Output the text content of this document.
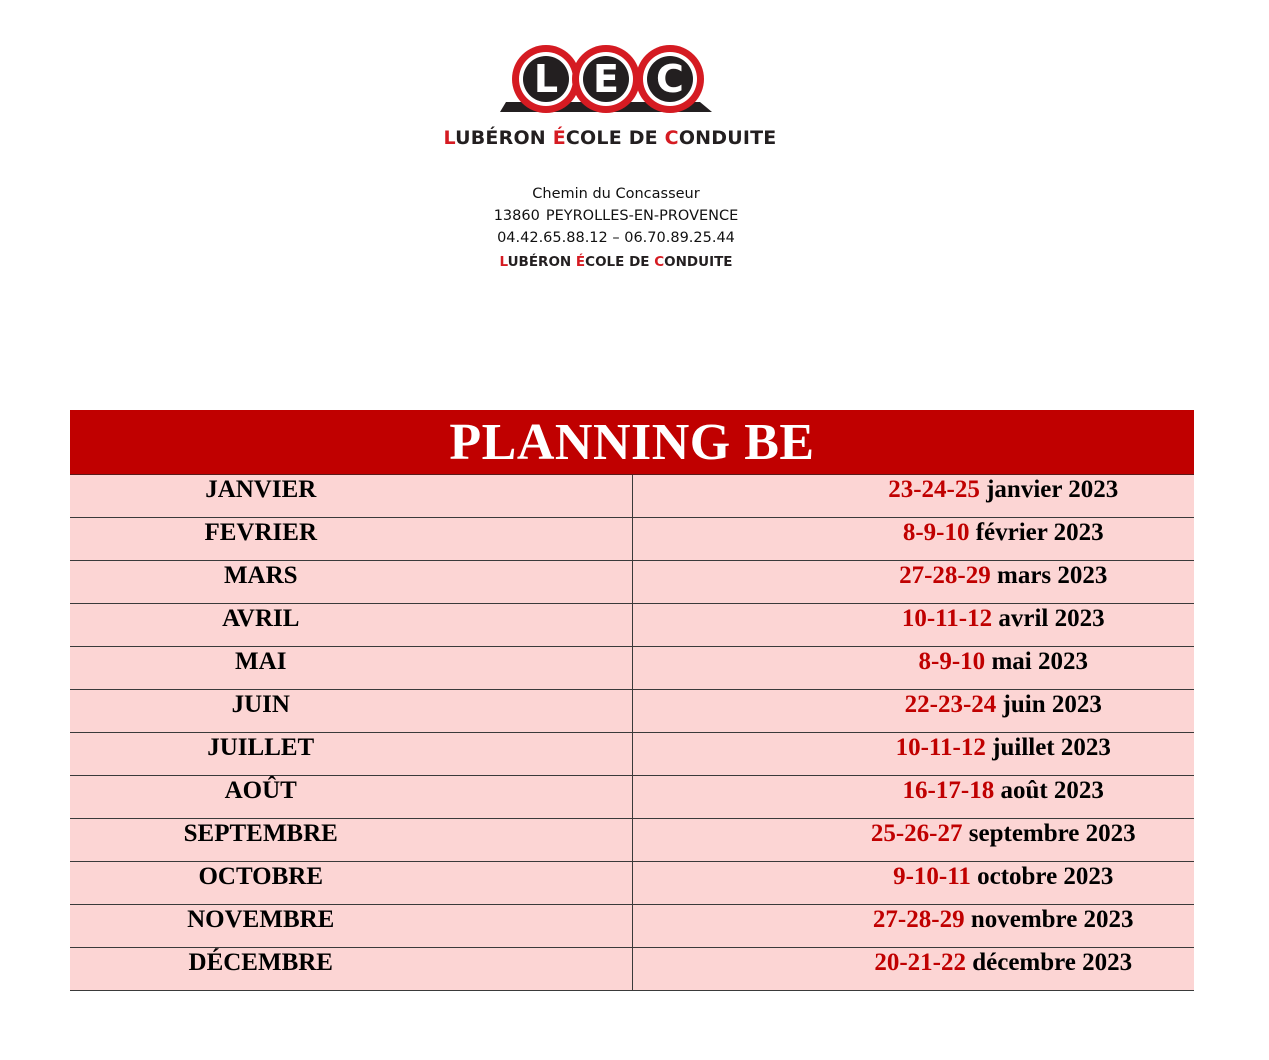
L E C
LUBÉRON ÉCOLE DE CONDUITE
Chemin du Concasseur
13860 PEYROLLES-EN-PROVENCE
04.42.65.88.12 – 06.70.89.25.44
LUBÉRON ÉCOLE DE CONDUITE
PLANNING BE	
JANVIER	23-24-25 janvier 2023
FEVRIER	8-9-10 février 2023
MARS	27-28-29 mars 2023
AVRIL	10-11-12 avril 2023
MAI	8-9-10 mai 2023
JUIN	22-23-24 juin 2023
JUILLET	10-11-12 juillet 2023
AOÛT	16-17-18 août 2023
SEPTEMBRE	25-26-27 septembre 2023
OCTOBRE	9-10-11 octobre 2023
NOVEMBRE	27-28-29 novembre 2023
DÉCEMBRE	20-21-22 décembre 2023
